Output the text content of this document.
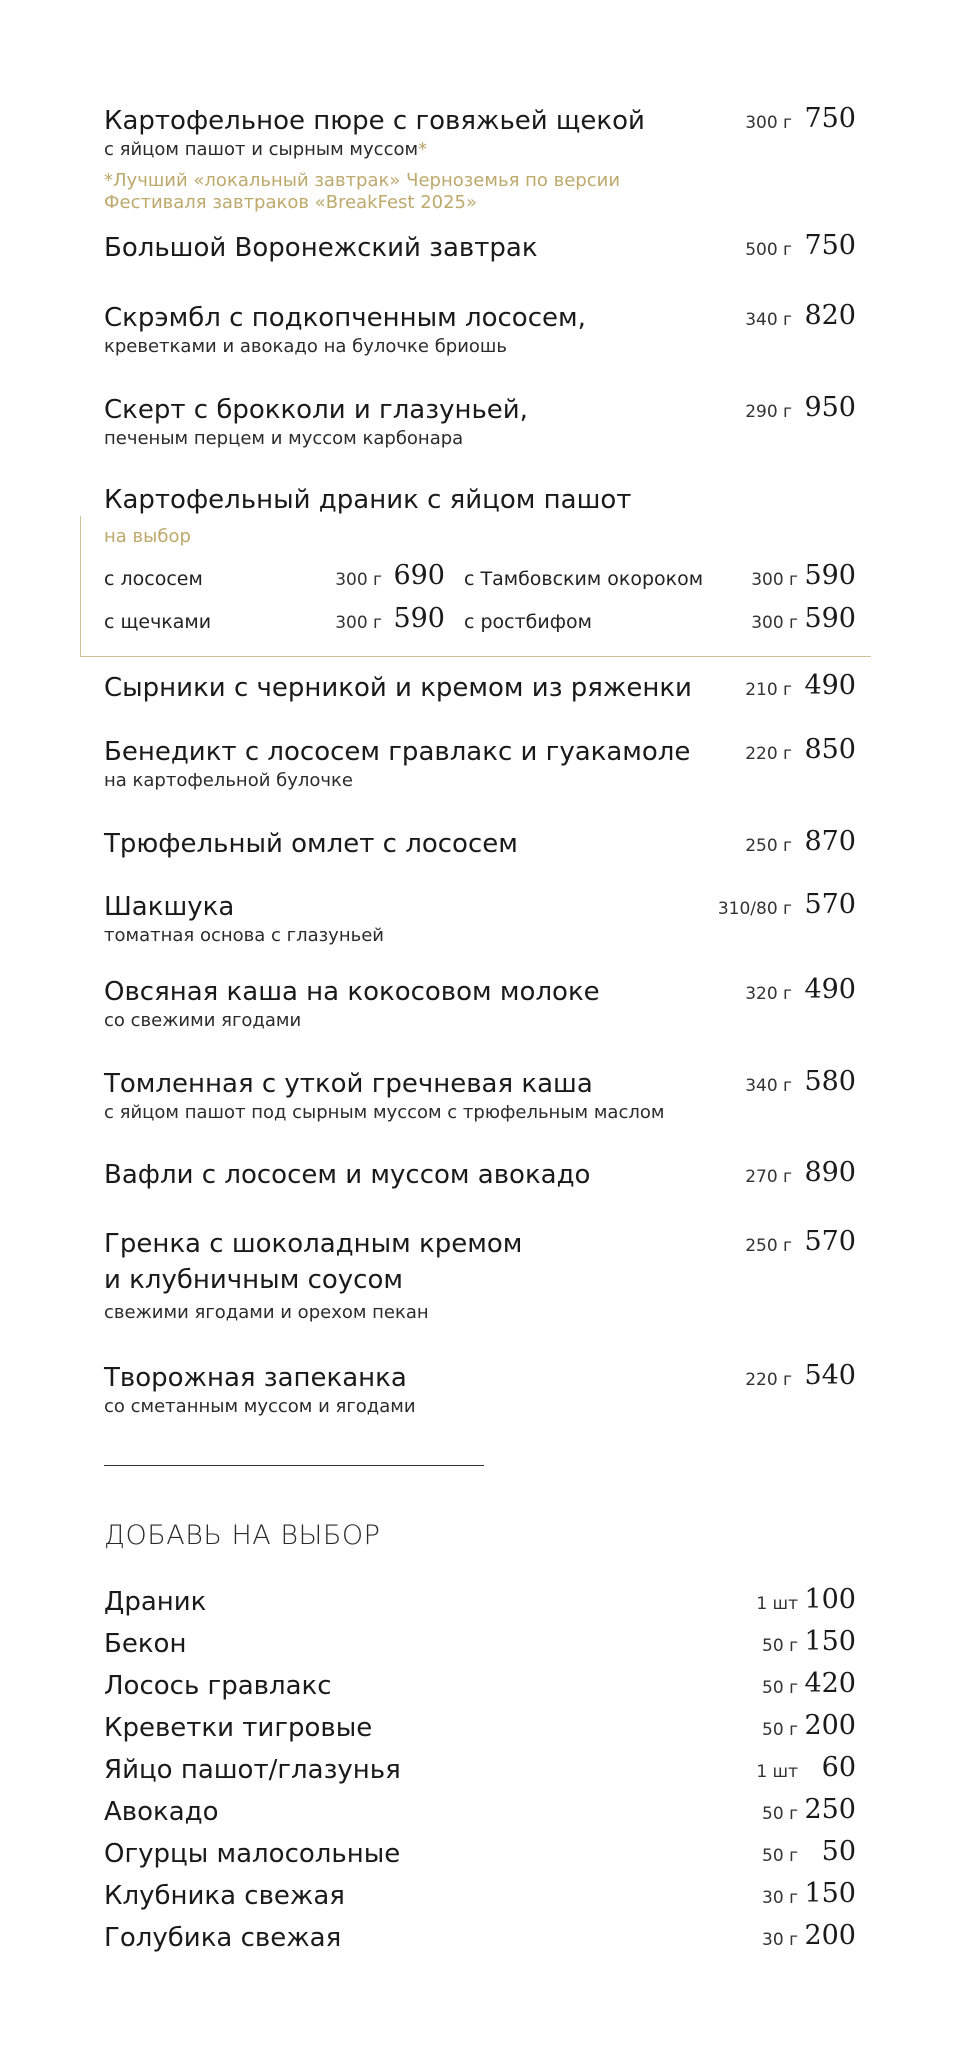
Картофельное пюре с говяжьей щекой
с яйцом пашот и сырным муссом*
300 г 750
*Лучший «локальный завтрак» Черноземья по версии
Фестиваля завтраков «BreakFest 2025»
Большой Воронежский завтрак	500 г 750
Скрэмбл с подкопченным лососем,
креветками и авокадо на булочке бриошь
340 г 820
Скерт с брокколи и глазуньей,
печеным перцем и муссом карбонара
290 г 950
Картофельный драник с яйцом пашот
на выбор
с лососем	300 г 690 с Тамбовским окороком	300 г 590
с щечками	300 г 590 с ростбифом	300 г 590
Сырники с черникой и кремом из ряженки	210 г 490
Бенедикт с лососем гравлакс и гуакамоле
на картофельной булочке
220 г 850
Трюфельный омлет с лососем	250 г 870
Шакшука
томатная основа с глазуньей
310/80 г 570
Овсяная каша на кокосовом молоке
со свежими ягодами
320 г 490
Томленная с уткой гречневая каша
с яйцом пашот под сырным муссом с трюфельным маслом
340 г 580
Вафли с лососем и муссом авокадо	270 г 890
Гренка с шоколадным кремом
и клубничным соусом
свежими ягодами и орехом пекан
250 г 570
Творожная запеканка
со сметанным муссом и ягодами
220 г 540
ДОБАВЬ НА ВЫБОР
Драник	1 шт 100
Бекон	50 г 150
Лосось гравлакс	50 г 420
Креветки тигровые	50 г 200
Яйцо пашот/глазунья	1 шт 60
Авокадо	50 г 250
Огурцы малосольные	50 г 50
Клубника свежая	30 г 150
Голубика свежая	30 г 200
